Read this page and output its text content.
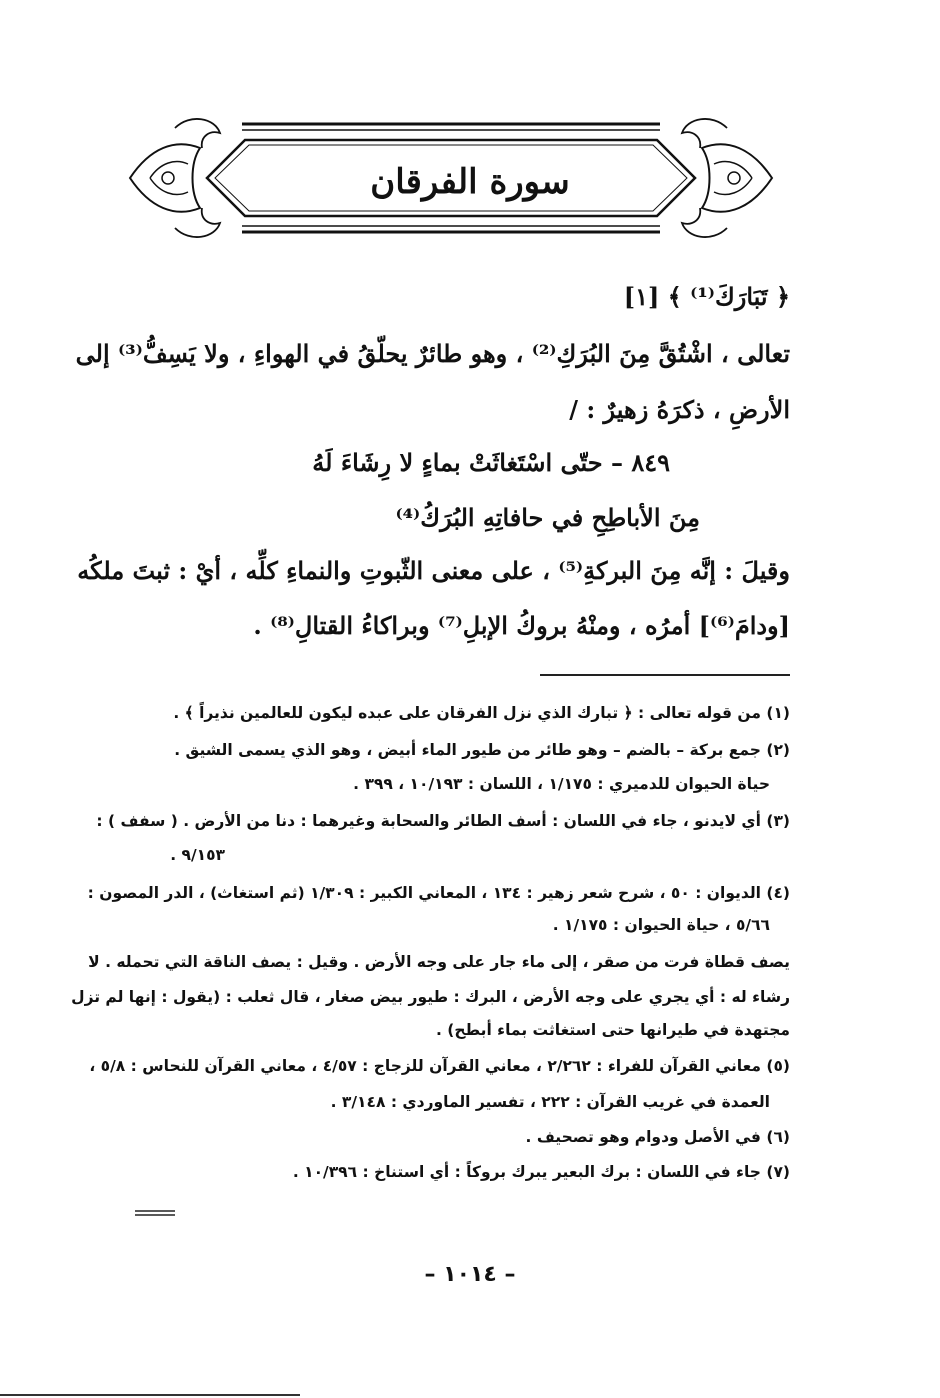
سورة الفرقان
﴿ تَبَارَكَ⁽¹⁾ ﴾ [١]
تعالى ، اشْتُقَّ مِنَ البُرَكِ⁽²⁾ ، وهو طائرٌ يحلّقُ في الهواءِ ، ولا يَسِفُّ⁽³⁾ إلى
الأرضِ ، ذكرَهُ زهيرٌ : /
٨٤٩ – حتّى اسْتَغاثَتْ بماءٍ لا رِشَاءَ لَهُ
مِنَ الأباطِحِ في حافاتِهِ البُرَكُ⁽⁴⁾
وقيلَ : إنَّه مِنَ البركةِ⁽⁵⁾ ، على معنى الثّبوتِ والنماءِ كلِّه ، أيْ : ثبتَ ملكُه
[ودامَ⁽⁶⁾] أمرُه ، ومنْهُ بروكُ الإبلِ⁽⁷⁾ وبراكاءُ القتالِ⁽⁸⁾ .
(١) من قوله تعالى : ﴿ تبارك الذي نزل الفرقان على عبده ليكون للعالمين نذيراً ﴾ .
(٢) جمع بركة – بالضم – وهو طائر من طيور الماء أبيض ، وهو الذي يسمى الشيق .
حياة الحيوان للدميري : ١/١٧٥ ، اللسان : ١٠/١٩٣ ، ٣٩٩ .
(٣) أي لايدنو ، جاء في اللسان : أسف الطائر والسحابة وغيرهما : دنا من الأرض . ( سفف ) :
٩/١٥٣ .
(٤) الديوان : ٥٠ ، شرح شعر زهير : ١٣٤ ، المعاني الكبير : ١/٣٠٩ (ثم استغاث) ، الدر المصون :
٥/٦٦ ، حياة الحيوان : ١/١٧٥ .
يصف قطاة فرت من صقر ، إلى ماء جار على وجه الأرض . وقيل : يصف الناقة التي تحمله . لا
رشاء له : أي يجري على وجه الأرض ، البرك : طيور بيض صغار ، قال ثعلب : (يقول : إنها لم تزل
مجتهدة في طيرانها حتى استغاثت بماء أبطح) .
(٥) معاني القرآن للفراء : ٢/٢٦٢ ، معاني القرآن للزجاج : ٤/٥٧ ، معاني القرآن للنحاس : ٥/٨ ،
العمدة في غريب القرآن : ٢٢٢ ، تفسير الماوردي : ٣/١٤٨ .
(٦) في الأصل ودوام وهو تصحيف .
(٧) جاء في اللسان : برك البعير يبرك بروكاً : أي استناخ : ١٠/٣٩٦ .
– ١٠١٤ –
